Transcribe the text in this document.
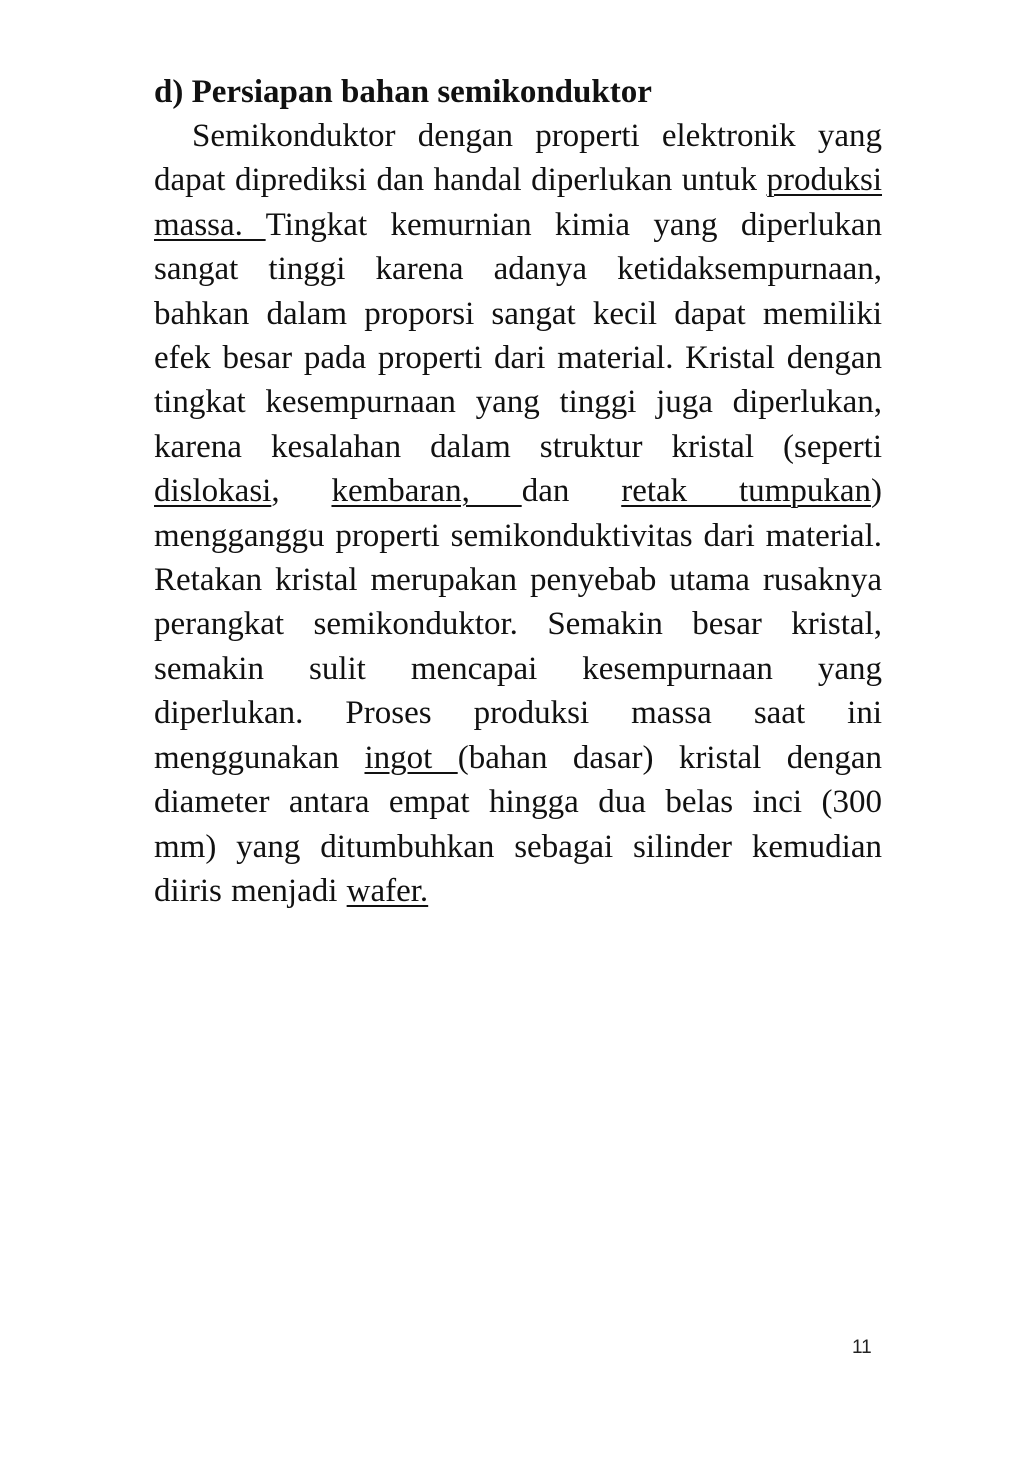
d) Persiapan bahan semikonduktor

Semikonduktor dengan properti elektronik yang dapat diprediksi dan handal diperlukan untuk produksi massa. Tingkat kemurnian kimia yang diperlukan sangat tinggi karena adanya ketidaksempurnaan, bahkan dalam proporsi sangat kecil dapat memiliki efek besar pada properti dari material. Kristal dengan tingkat kesempurnaan yang tinggi juga diperlukan, karena kesalahan dalam struktur kristal (seperti dislokasi, kembaran, dan retak tumpukan) mengganggu properti semikonduktivitas dari material. Retakan kristal merupakan penyebab utama rusaknya perangkat semikonduktor. Semakin besar kristal, semakin sulit mencapai kesempurnaan yang diperlukan. Proses produksi massa saat ini menggunakan ingot (bahan dasar) kristal dengan diameter antara empat hingga dua belas inci (300 mm) yang ditumbuhkan sebagai silinder kemudian diiris menjadi wafer.

11
